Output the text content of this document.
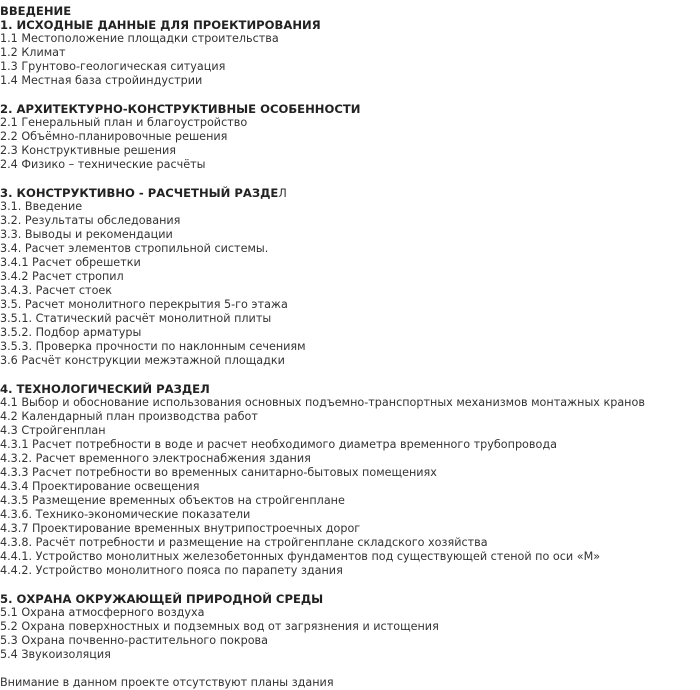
ВВЕДЕНИЕ
1. ИСХОДНЫЕ ДАННЫЕ ДЛЯ ПРОЕКТИРОВАНИЯ
1.1 Местоположение площадки строительства
1.2 Климат
1.3 Грунтово-геологическая ситуация
1.4 Местная база стройиндустрии
2. АРХИТЕКТУРНО-КОНСТРУКТИВНЫЕ ОСОБЕННОСТИ
2.1 Генеральный план и благоустройство
2.2 Объёмно-планировочные решения
2.3 Конструктивные решения
2.4 Физико – технические расчёты
3. КОНСТРУКТИВНО - РАСЧЕТНЫЙ РАЗДЕЛ
3.1. Введение
3.2. Результаты обследования
3.3. Выводы и рекомендации
3.4. Расчет элементов стропильной системы.
3.4.1 Расчет обрешетки
3.4.2 Расчет стропил
3.4.3. Расчет стоек
3.5. Расчет монолитного перекрытия 5-го этажа
3.5.1. Статический расчёт монолитной плиты
3.5.2. Подбор арматуры
3.5.3. Проверка прочности по наклонным сечениям
3.6 Расчёт конструкции межэтажной площадки
4. ТЕХНОЛОГИЧЕСКИЙ РАЗДЕЛ
4.1 Выбор и обоснование использования основных подъемно-транспортных механизмов монтажных кранов
4.2 Календарный план производства работ
4.3 Стройгенплан
4.3.1 Расчет потребности в воде и расчет необходимого диаметра временного трубопровода
4.3.2. Расчет временного электроснабжения здания
4.3.3 Расчет потребности во временных санитарно-бытовых помещениях
4.3.4 Проектирование освещения
4.3.5 Размещение временных объектов на стройгенплане
4.3.6. Технико-экономические показатели
4.3.7 Проектирование временных внутрипостроечных дорог
4.3.8. Расчёт потребности и размещение на стройгенплане складского хозяйства
4.4.1. Устройство монолитных железобетонных фундаментов под существующей стеной по оси «М»
4.4.2. Устройство монолитного пояса по парапету здания
5. ОХРАНА ОКРУЖАЮЩЕЙ ПРИРОДНОЙ СРЕДЫ
5.1 Охрана атмосферного воздуха
5.2 Охрана поверхностных и подземных вод от загрязнения и истощения
5.3 Охрана почвенно-растительного покрова
5.4 Звукоизоляция
Внимание в данном проекте отсутствуют планы здания
